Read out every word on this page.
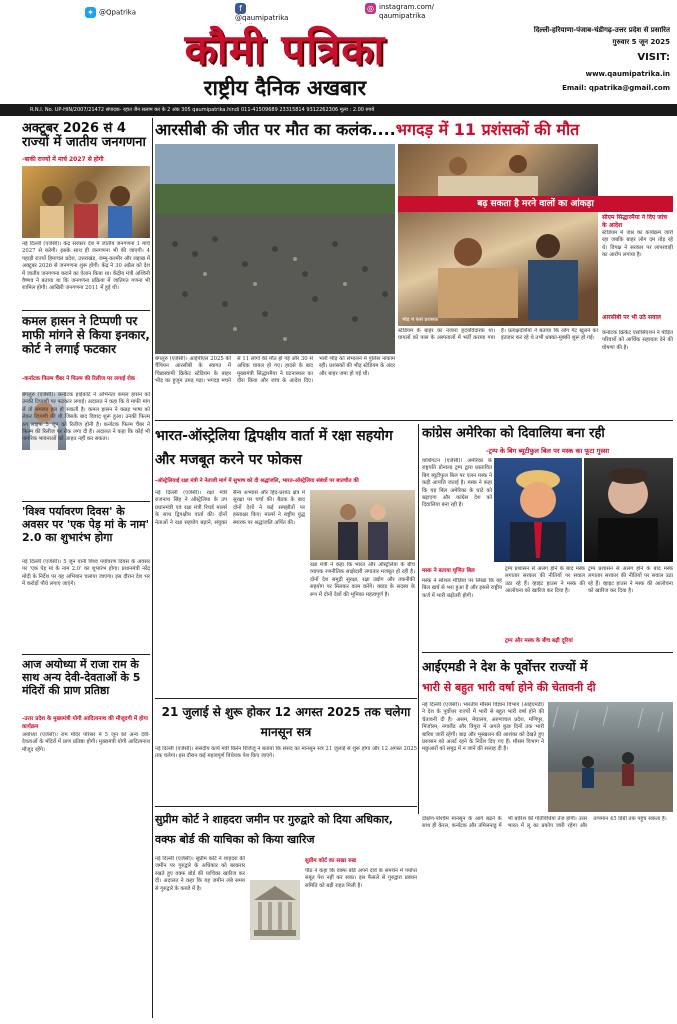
✦ @Qpatrika	f
@qaumipatrika
◎ instagram.com/ qaumipatrika
कौमी पत्रिका
राष्ट्रीय दैनिक अखबार
दिल्ली-हरियाणा-पंजाब-चंडीगढ़-उत्तर प्रदेश से प्रसारित
गुरुवार 5 जून 2025
VISIT:
www.qaumipatrika.in
Email: qpatrika@gmail.com
R.N.I. No. UP-HIN/2007/21472 संपादक- रहात जैन सलाम कर के 2 अंक 305 qaumipatrika.hindi 011-41509689 23315814 9312262306 मूल्य : 2.00 रुपये
अक्टूबर 2026 से 4 राज्यों में जातीय जनगणना
-बाकी राज्यों में मार्च 2027 से होगी
नई दिल्ली (एजेंसी)। केंद्र सरकार देश में जातीय जनगणना 1 मार्च 2027 से करेगी। इसके साथ ही जनगणना भी की जाएगी। 4 पहाड़ी राज्यों हिमाचल प्रदेश, उत्तराखंड, जम्मू-कश्मीर और लद्दाख में अक्टूबर 2026 से जनगणना शुरू होगी। केंद्र ने 30 अप्रैल को देश में जातीय जनगणना कराने का ऐलान किया था। केंद्रीय मंत्री अश्विनी वैष्णव ने बताया था कि जनगणना प्रक्रिया में जातिगत गणना भी शामिल होगी। आखिरी जनगणना 2011 में हुई थी।
कमल हासन ने टिप्पणी पर माफी मांगने से किया इनकार, कोर्ट ने लगाई फटकार
-कर्नाटक फिल्म चैंबर ने फिल्म की रिलीज पर लगाई रोक
बेंगलुरु (एजेंसी)। कर्नाटक हाईकोर्ट ने अभिनेता कमल हासन को उनकी टिप्पणी पर फटकार लगाई। अदालत ने कहा कि वे माफी मांग लें तो समस्या हल हो सकती है। कमल हासन ने कन्नड़ भाषा को लेकर टिप्पणी की थी जिसके बाद विवाद शुरू हुआ। उनकी फिल्म ठग लाइफ 5 जून को रिलीज होनी है। कर्नाटक फिल्म चैंबर ने फिल्म की रिलीज पर रोक लगा दी है। अदालत ने कहा कि कोई भी नागरिक भावनाओं को आहत नहीं कर सकता।
'विश्व पर्यावरण दिवस' के अवसर पर 'एक पेड़ मां के नाम' 2.0 का शुभारंभ होगा
नई दिल्ली (एजेंसी)। 5 जून यानी विश्व पर्यावरण दिवस के अवसर पर 'एक पेड़ मां के नाम 2.0' का शुभारंभ होगा। प्रधानमंत्री नरेंद्र मोदी के निर्देश पर यह अभियान चलाया जाएगा। इस दौरान देश भर में करोड़ों पौधे लगाए जाएंगे।
आज अयोध्या में राजा राम के साथ अन्य देवी-देवताओं के 5 मंदिरों की प्राण प्रतिष्ठा
-उत्तर प्रदेश के मुख्यमंत्री योगी आदित्यनाथ की मौजूदगी में होगा कार्यक्रम
अयोध्या (एजेंसी)। राम मंदिर परिसर में 5 जून को अन्य देवी-देवताओं के मंदिरों में प्राण प्रतिष्ठा होगी। मुख्यमंत्री योगी आदित्यनाथ मौजूद रहेंगे।
आरसीबी की जीत पर मौत का कलंक....भगदड़ में 11 प्रशंसकों की मौत
बढ़ सकता है मरने वालों का आंकड़ा
भीड़ में फंसे प्रशंसक
सीएम सिद्धारमैया ने दिए जांच के आदेश
स्टेडियम में जश्न का कार्यक्रम जारी रहा जबकि बाहर लोग दम तोड़ रहे थे। विपक्ष ने सरकार पर लापरवाही का आरोप लगाया है।
आरसीबी पर भी उठे सवाल
कर्नाटक क्रिकेट एसोसिएशन ने पीड़ित परिवारों को आर्थिक सहायता देने की घोषणा की है।
बेंगलुरु (एजेंसी)। आईपीएल 2025 की चैंपियन आरसीबी के स्वागत में चिन्नास्वामी क्रिकेट स्टेडियम के बाहर भीड़ का हुजूम उमड़ पड़ा। भगदड़ मचने से 11 लोगों की मौत हो गई और 30 से अधिक घायल हो गए। हादसे के बाद मुख्यमंत्री सिद्धारमैया ने घटनास्थल का दौरा किया और जांच के आदेश दिए। भारी भीड़ को संभालने में पुलिस नाकाम रही। प्रशंसकों की भीड़ स्टेडियम के अंदर और बाहर जमा हो गई थी।
स्टेडियम के बाहर का नजारा हृदयविदारक था। घायलों को पास के अस्पतालों में भर्ती कराया गया है। प्रत्यक्षदर्शियों ने बताया कि लोग गेट खुलने का इंतजार कर रहे थे तभी धक्का-मुक्की शुरू हो गई।
भारत-ऑस्ट्रेलिया द्विपक्षीय वार्ता में रक्षा सहयोग और मजबूत करने पर फोकस
-ऑस्ट्रेलियाई रक्षा मंत्री ने नेताजी मार्ग में सुभाष को दी श्रद्धांजलि, भारत-ऑस्ट्रेलिया संबंधों पर बातचीत की
नई दिल्ली (एजेंसी)। रक्षा मंत्री राजनाथ सिंह ने ऑस्ट्रेलिया के उप प्रधानमंत्री एवं रक्षा मंत्री रिचर्ड मार्ल्स के साथ द्विपक्षीय वार्ता की। दोनों नेताओं ने रक्षा सहयोग बढ़ाने, संयुक्त सैन्य अभ्यास और हिंद-प्रशांत क्षेत्र में सुरक्षा पर चर्चा की। बैठक के बाद दोनों देशों ने कई समझौतों पर हस्ताक्षर किए। मार्ल्स ने राष्ट्रीय युद्ध स्मारक पर श्रद्धांजलि अर्पित की।
रक्षा मंत्री ने कहा कि भारत और ऑस्ट्रेलिया के बीच व्यापक रणनीतिक साझेदारी लगातार मजबूत हो रही है। दोनों देश समुद्री सुरक्षा, रक्षा उद्योग और तकनीकी सहयोग पर मिलकर काम करेंगे। क्वाड के सदस्य के रूप में दोनों देशों की भूमिका महत्वपूर्ण है।
कांग्रेस अमेरिका को दिवालिया बना रही
-ट्रम्प के बिग ब्यूटीफुल बिल पर मस्क का फूटा गुस्सा
वाशिंगटन (एजेंसी)। अमेरिका के राष्ट्रपति डोनाल्ड ट्रम्प द्वारा प्रस्तावित बिग ब्यूटीफुल बिल पर एलन मस्क ने कड़ी आपत्ति जताई है। मस्क ने कहा कि यह बिल अमेरिका के घाटे को बढ़ाएगा और कांग्रेस देश को दिवालिया बना रही है।
मस्क ने बताया घृणित बिल
मस्क ने सोशल मीडिया पर लिखा कि यह बिल खर्च से भरा हुआ है और इससे राष्ट्रीय कर्ज में भारी बढ़ोतरी होगी।
ट्रम्प और मस्क के बीच बढ़ी दूरियां
ट्रम्प प्रशासन से अलग होने के बाद मस्क लगातार सरकार की नीतियों पर सवाल उठा रहे हैं। व्हाइट हाउस ने मस्क की आलोचना को खारिज कर दिया है।
ट्रम्प प्रशासन से अलग होने के बाद मस्क लगातार सरकार की नीतियों पर सवाल उठा रहे हैं। व्हाइट हाउस ने मस्क की आलोचना को खारिज कर दिया है।
21 जुलाई से शुरू होकर 12 अगस्त 2025 तक चलेगा मानसून सत्र
नई दिल्ली (एजेंसी)। संसदीय कार्य मंत्री किरेन रिजिजू ने बताया कि संसद का मानसून सत्र 21 जुलाई से शुरू होगा और 12 अगस्त 2025 तक चलेगा। इस दौरान कई महत्वपूर्ण विधेयक पेश किए जाएंगे।
सुप्रीम कोर्ट ने शाहदरा जमीन पर गुरुद्वारे को दिया अधिकार, वक्फ बोर्ड की याचिका को किया खारिज
नई दिल्ली (एजेंसी)। सुप्रीम कोर्ट ने शाहदरा की जमीन पर गुरुद्वारे के अधिकार को बरकरार रखते हुए वक्फ बोर्ड की याचिका खारिज कर दी। अदालत ने कहा कि यह जमीन लंबे समय से गुरुद्वारे के कब्जे में है।
सुप्रीम कोर्ट का सख्त रुख
पीठ ने कहा कि वक्फ बोर्ड अपने दावे के समर्थन में पर्याप्त सबूत पेश नहीं कर सका। इस फैसले से गुरुद्वारा प्रबंधन समिति को बड़ी राहत मिली है।
आईएमडी ने देश के पूर्वोत्तर राज्यों में
भारी से बहुत भारी वर्षा होने की चेतावनी दी
नई दिल्ली (एजेंसी)। भारतीय मौसम विज्ञान विभाग (आईएमडी) ने देश के पूर्वोत्तर राज्यों में भारी से बहुत भारी वर्षा होने की चेतावनी दी है। असम, मेघालय, अरुणाचल प्रदेश, मणिपुर, मिजोरम, नगालैंड और त्रिपुरा में अगले कुछ दिनों तक भारी बारिश जारी रहेगी। बाढ़ और भूस्खलन की आशंका को देखते हुए प्रशासन को अलर्ट रहने के निर्देश दिए गए हैं। मौसम विभाग ने मछुआरों को समुद्र में न जाने की सलाह दी है।
दक्षिण-पश्चिम मानसून के आगे बढ़ने के साथ ही केरल, कर्नाटक और तमिलनाडु में भी बारिश की गतिविधियां तेज होंगी। उत्तर भारत में लू का प्रकोप जारी रहेगा और तापमान 45 डिग्री तक पहुंच सकता है।
